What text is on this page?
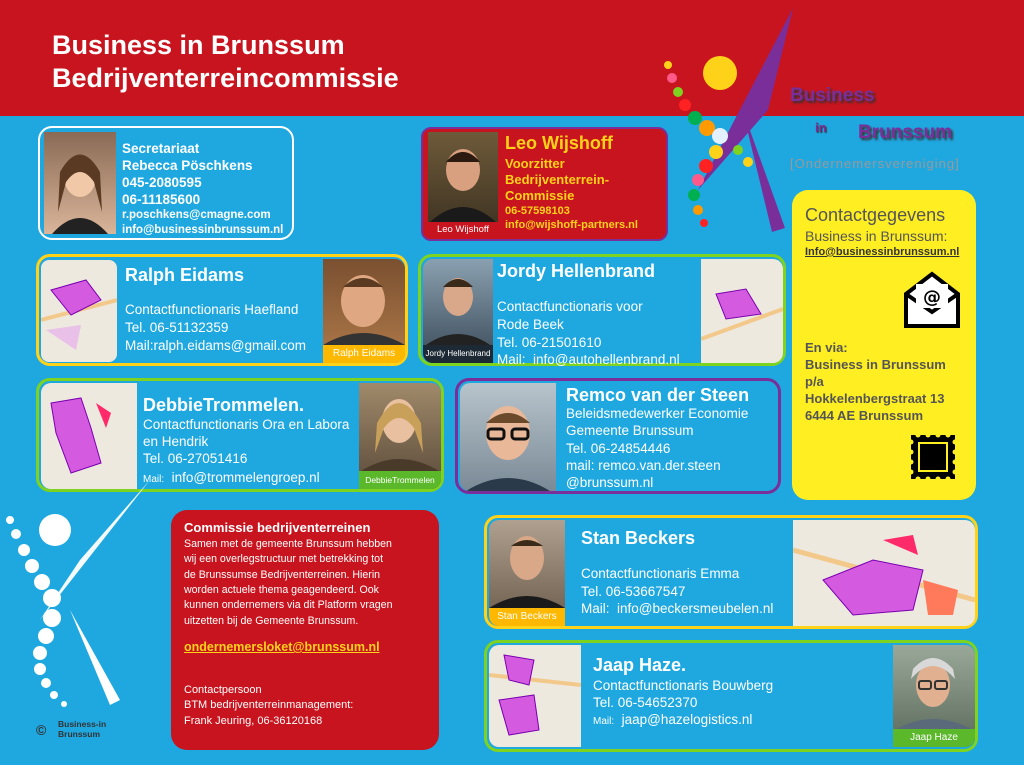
Business in Brunssum
Bedrijventerreincommissie
Business
in Brunssum
[Ondernemersvereniging]
Secretariaat
Rebecca Pöschkens
045-2080595
06-11185600
r.poschkens@cmagne.com
info@businessinbrunssum.nl	Leo Wijshoff
Leo Wijshoff
Voorzitter
Bedrijventerrein-
Commissie
06-57598103
info@wijshoff-partners.nl	Contactgegevens
Business in Brunssum:
Info@businessinbrunssum.nl
@
En via:
Business in Brunssum
p/a
Hokkelenbergstraat 13
6444 AE Brunssum
Ralph Eidams
Contactfunctionaris Haefland
Tel. 06-51132359
Mail:ralph.eidams@gmail.com
Ralph Eidams	Jordy Hellenbrand
Jordy Hellenbrand
Contactfunctionaris voor
Rode Beek
Tel. 06-21501610
Mail: info@autohellenbrand.nl
DebbieTrommelen.
Contactfunctionaris Ora en Labora
en Hendrik
Tel. 06-27051416
Mail: info@trommelengroep.nl	DebbieTrommelen
Remco van der Steen
Beleidsmedewerker Economie
Gemeente Brunssum
Tel. 06-24854446
mail: remco.van.der.steen
@brunssum.nl
Commissie bedrijventerreinen
Samen met de gemeente Brunssum hebben
wij een overlegstructuur met betrekking tot
de Brunssumse Bedrijventerreinen. Hierin
worden actuele thema geagendeerd. Ook
kunnen ondernemers via dit Platform vragen
uitzetten bij de Gemeente Brunssum.
ondernemersloket@brunssum.nl
Contactpersoon
BTM bedrijventerreinmanagement:
Frank Jeuring, 06-36120168
Stan Beckers
Stan Beckers
Contactfunctionaris Emma
Tel. 06-53667547
Mail: info@beckersmeubelen.nl
Jaap Haze.
Contactfunctionaris Bouwberg
Tel. 06-54652370
Mail: jaap@hazelogistics.nl
Jaap Haze
© Business-in Brunssum
